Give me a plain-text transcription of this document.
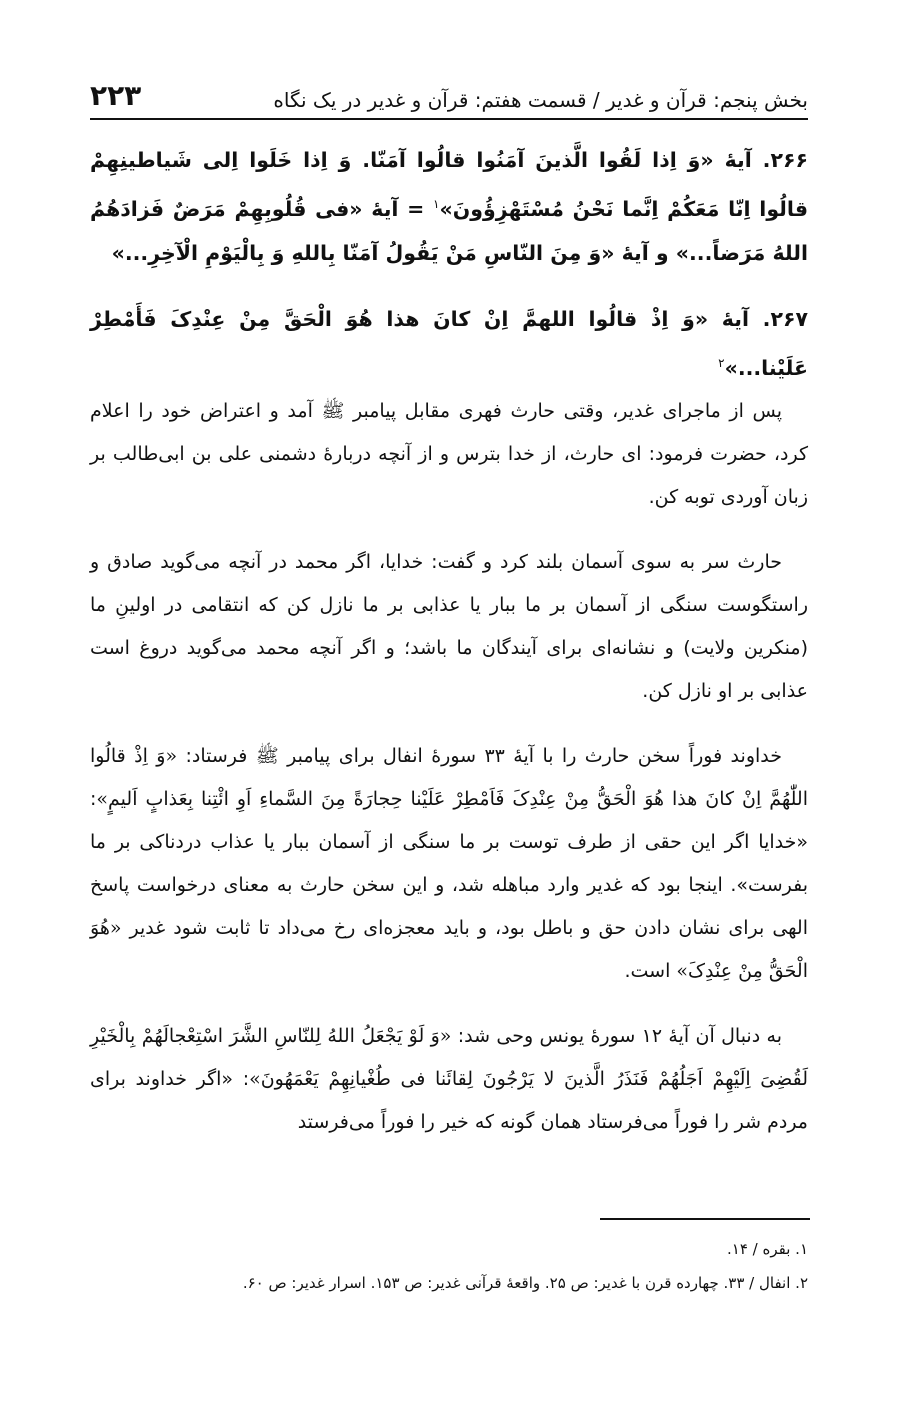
بخش پنجم: قرآن و غدیر / قسمت هفتم: قرآن و غدیر در یک نگاه
۲۲۳

۲۶۶. آیهٔ «وَ اِذا لَقُوا الَّذینَ آمَنُوا قالُوا آمَنّا. وَ اِذا خَلَوا اِلی شَیاطینِهِمْ قالُوا اِنّا مَعَکُمْ اِنَّما نَحْنُ مُسْتَهْزِؤُونَ»$^۱$ = آیهٔ «فی قُلُوبِهِمْ مَرَضٌ فَزادَهُمُ اللهُ مَرَضاً...» و آیهٔ «وَ مِنَ النّاسِ مَنْ یَقُولُ آمَنّا بِاللهِ وَ بِالْیَوْمِ الْآخِرِ...»

۲۶۷. آیهٔ «وَ اِذْ قالُوا اللهمَّ اِنْ کانَ هذا هُوَ الْحَقَّ مِنْ عِنْدِکَ فَأَمْطِرْ عَلَیْنا...»$^۲$

پس از ماجرای غدیر، وقتی حارث فهری مقابل پیامبر ﷺ آمد و اعتراض خود را اعلام کرد، حضرت فرمود: ای حارث، از خدا بترس و از آنچه دربارهٔ دشمنی علی بن ابی‌طالب بر زبان آوردی توبه کن.

حارث سر به سوی آسمان بلند کرد و گفت: خدایا، اگر محمد در آنچه می‌گوید صادق و راستگوست سنگی از آسمان بر ما ببار یا عذابی بر ما نازل کن که انتقامی در اولینِ ما (منکرین ولایت) و نشانه‌ای برای آیندگان ما باشد؛ و اگر آنچه محمد می‌گوید دروغ است عذابی بر او نازل کن.

خداوند فوراً سخن حارث را با آیهٔ ۳۳ سورهٔ انفال برای پیامبر ﷺ فرستاد: «وَ اِذْ قالُوا اللّٰهُمَّ اِنْ کانَ هذا هُوَ الْحَقُّ مِنْ عِنْدِکَ فَاَمْطِرْ عَلَیْنا حِجارَةً مِنَ السَّماءِ اَوِ ائْتِنا بِعَذابٍ اَلیمٍ»: «خدایا اگر این حقی از طرف توست بر ما سنگی از آسمان ببار یا عذاب دردناکی بر ما بفرست». اینجا بود که غدیر وارد مباهله شد، و این سخن حارث به معنای درخواست پاسخ الهی برای نشان دادن حق و باطل بود، و باید معجزه‌ای رخ می‌داد تا ثابت شود غدیر «هُوَ الْحَقُّ مِنْ عِنْدِکَ» است.

به دنبال آن آیهٔ ۱۲ سورهٔ یونس وحی شد: «وَ لَوْ یَجْعَلُ اللهُ لِلنّاسِ الشَّرَ اسْتِعْجالَهُمْ بِالْخَیْرِ لَقُضِیَ اِلَیْهِمْ اَجَلُهُمْ فَنَذَرُ الَّذینَ لا یَرْجُونَ لِقائَنا فی طُغْیانِهِمْ یَعْمَهُونَ»: «اگر خداوند برای مردم شر را فوراً می‌فرستاد همان گونه که خیر را فوراً می‌فرستد

۱. بقره / ۱۴.

۲. انفال / ۳۳. چهارده قرن با غدیر: ص ۲۵. واقعهٔ قرآنی غدیر: ص ۱۵۳. اسرار غدیر: ص ۶۰.
